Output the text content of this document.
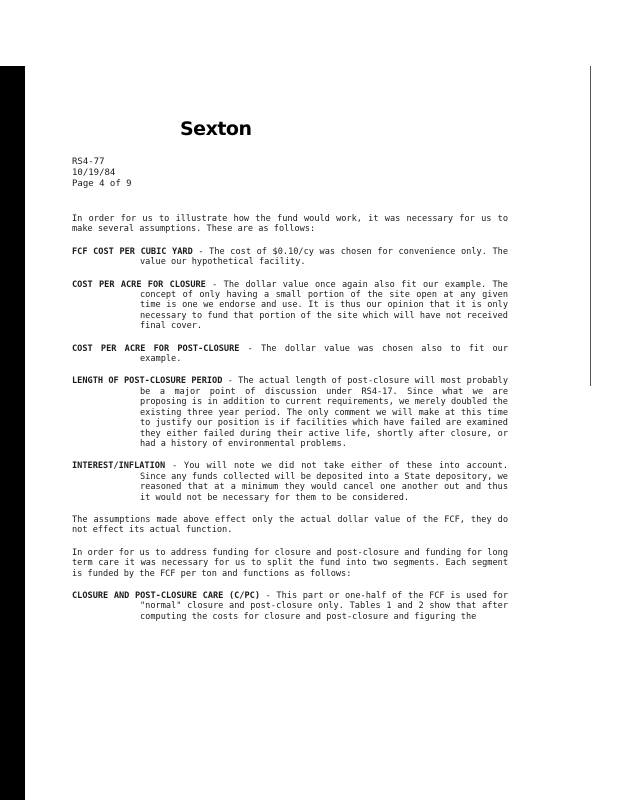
Sexton
RS4-77
10/19/84
Page 4 of 9

In order for us to illustrate how the fund would work, it was necessary for us to make several assumptions. These are as follows:

FCF COST PER CUBIC YARD - The cost of $0.10/cy was chosen for convenience only. The value our hypothetical facility.

COST PER ACRE FOR CLOSURE - The dollar value once again also fit our example. The concept of only having a small portion of the site open at any given time is one we endorse and use. It is thus our opinion that it is only necessary to fund that portion of the site which will have not received final cover.

COST PER ACRE FOR POST-CLOSURE - The dollar value was chosen also to fit our example.

LENGTH OF POST-CLOSURE PERIOD - The actual length of post-closure will most probably be a major point of discussion under RS4-17. Since what we are proposing is in addition to current requirements, we merely doubled the existing three year period. The only comment we will make at this time to justify our position is if facilities which have failed are examined they either failed during their active life, shortly after closure, or had a history of environmental problems.

INTEREST/INFLATION - You will note we did not take either of these into account. Since any funds collected will be deposited into a State depository, we reasoned that at a minimum they would cancel one another out and thus it would not be necessary for them to be considered.

The assumptions made above effect only the actual dollar value of the FCF, they do not effect its actual function.

In order for us to address funding for closure and post-closure and funding for long term care it was necessary for us to split the fund into two segments. Each segment is funded by the FCF per ton and functions as follows:

CLOSURE AND POST-CLOSURE CARE (C/PC) - This part or one-half of the FCF is used for "normal" closure and post-closure only. Tables 1 and 2 show that after computing the costs for closure and post-closure and figuring the
